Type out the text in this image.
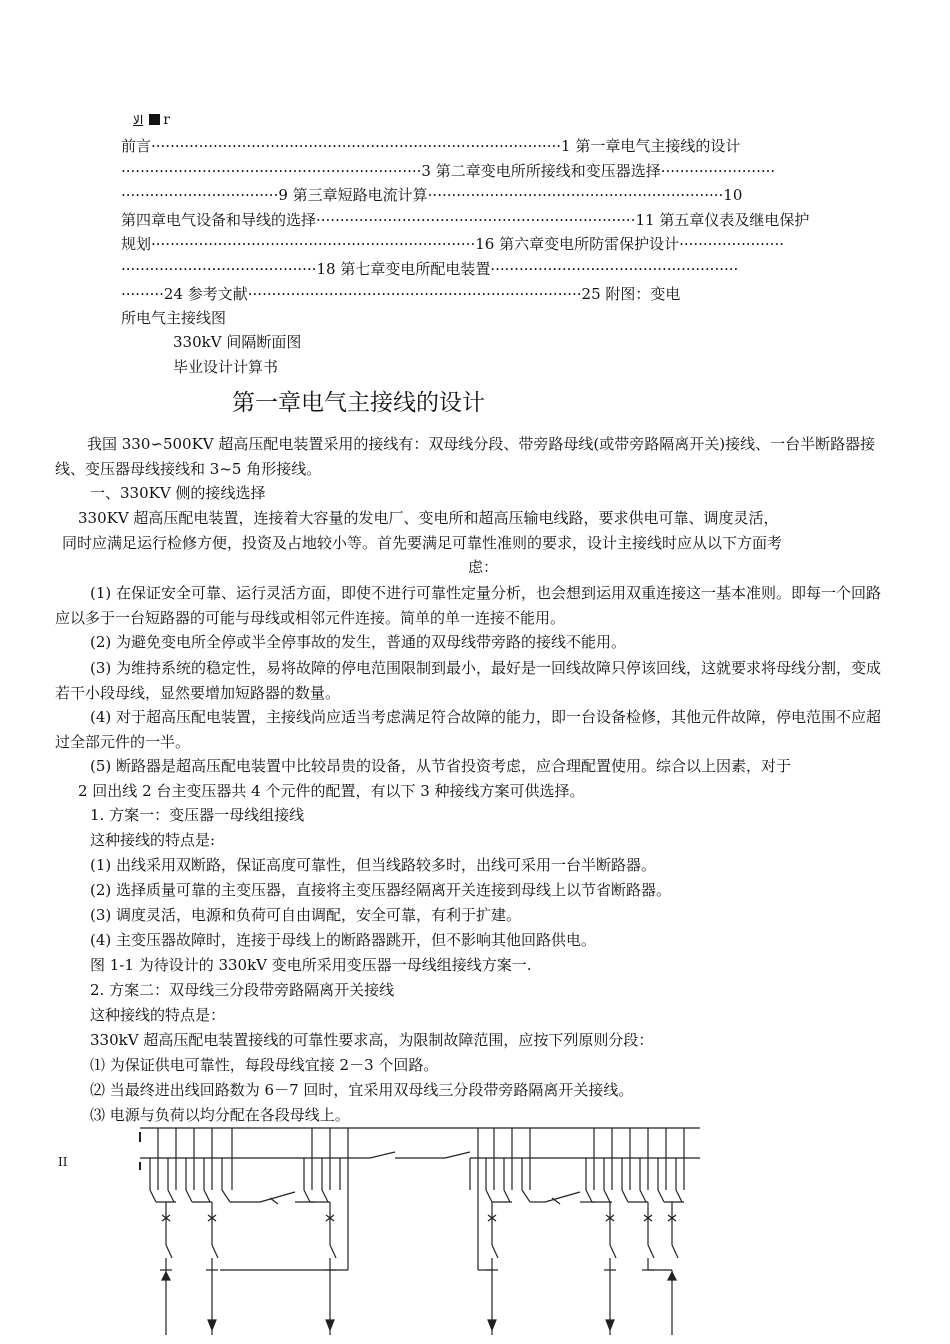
الا r
前言······················································································1 第一章电气主接线的设计
·······························································3 第二章变电所所接线和变压器选择························
·································9 第三章短路电流计算······························································10
第四章电气设备和导线的选择···································································11 第五章仪表及继电保护
规划····································································16 第六章变电所防雷保护设计······················
·········································18 第七章变电所配电装置····················································
·········24 参考文献······································································25 附图：变电
所电气主接线图
330kV 间隔断面图
毕业设计计算书
第一章电气主接线的设计
我国 330∽500KV 超高压配电装置采用的接线有：双母线分段、带旁路母线(或带旁路隔离开关)接线、一台半断路器接线、变压器母线接线和 3~5 角形接线。
一、330KV 侧的接线选择
330KV 超高压配电装置，连接着大容量的发电厂、变电所和超高压输电线路，要求供电可靠、调度灵活，
同时应满足运行检修方便，投资及占地较小等。首先要满足可靠性准则的要求，设计主接线时应从以下方面考
虑：
(1) 在保证安全可靠、运行灵活方面，即使不进行可靠性定量分析，也会想到运用双重连接这一基本准则。即每一个回路应以多于一台短路器的可能与母线或相邻元件连接。简单的单一连接不能用。
(2) 为避免变电所全停或半全停事故的发生，普通的双母线带旁路的接线不能用。
(3) 为维持系统的稳定性，易将故障的停电范围限制到最小，最好是一回线故障只停该回线，这就要求将母线分割，变成若干小段母线，显然要增加短路器的数量。
(4) 对于超高压配电装置，主接线尚应适当考虑满足符合故障的能力，即一台设备检修，其他元件故障，停电范围不应超过全部元件的一半。
(5) 断路器是超高压配电装置中比较昂贵的设备，从节省投资考虑，应合理配置使用。综合以上因素，对于
2 回出线 2 台主变压器共 4 个元件的配置，有以下 3 种接线方案可供选择。
1. 方案一：变压器一母线组接线
这种接线的特点是:
(1) 出线采用双断路，保证高度可靠性，但当线路较多时，出线可采用一台半断路器。
(2) 选择质量可靠的主变压器，直接将主变压器经隔离开关连接到母线上以节省断路器。
(3) 调度灵活，电源和负荷可自由调配，安全可靠，有利于扩建。
(4) 主变压器故障时，连接于母线上的断路器跳开，但不影响其他回路供电。
图 1-1 为待设计的 330kV 变电所采用变压器一母线组接线方案一.
2. 方案二：双母线三分段带旁路隔离开关接线
这种接线的特点是：
330kV 超高压配电装置接线的可靠性要求高，为限制故障范围，应按下列原则分段：
⑴ 为保证供电可靠性，每段母线宜接 2－3 个回路。
⑵ 当最终进出线回路数为 6－7 回时，宜采用双母线三分段带旁路隔离开关接线。
⑶ 电源与负荷以均分配在各段母线上。
II
